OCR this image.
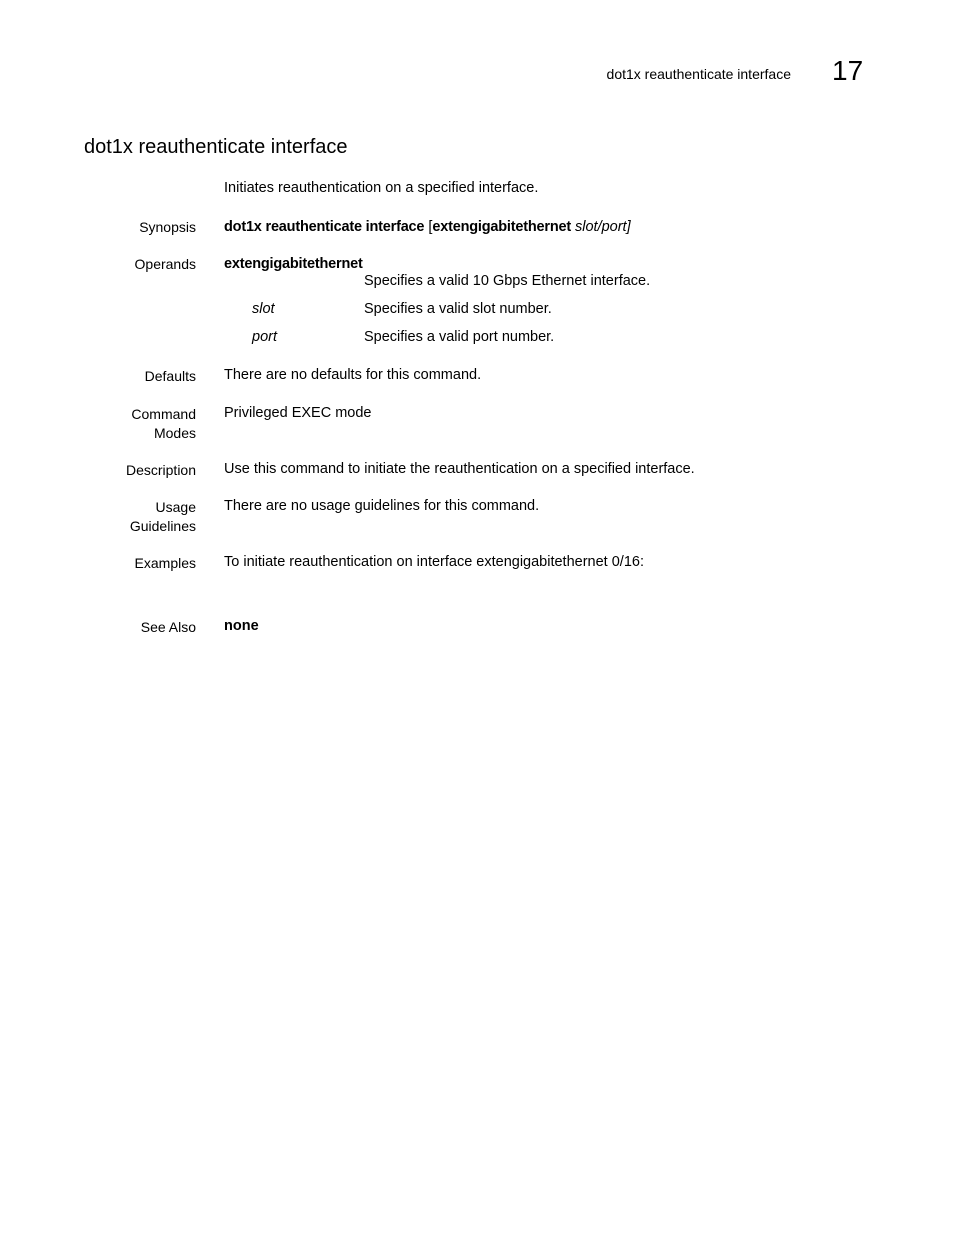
dot1x reauthenticate interface 17
dot1x reauthenticate interface
Initiates reauthentication on a specified interface.
Synopsis dot1x reauthenticate interface [extengigabitethernet slot/port]
Operands extengigabitethernet
Specifies a valid 10 Gbps Ethernet interface.
slot	Specifies a valid slot number.
port	Specifies a valid port number.
Defaults There are no defaults for this command.
Command
Modes
Privileged EXEC mode
Description Use this command to initiate the reauthentication on a specified interface.
Usage
Guidelines
There are no usage guidelines for this command.
Examples To initiate reauthentication on interface extengigabitethernet 0/16:
See Also none
